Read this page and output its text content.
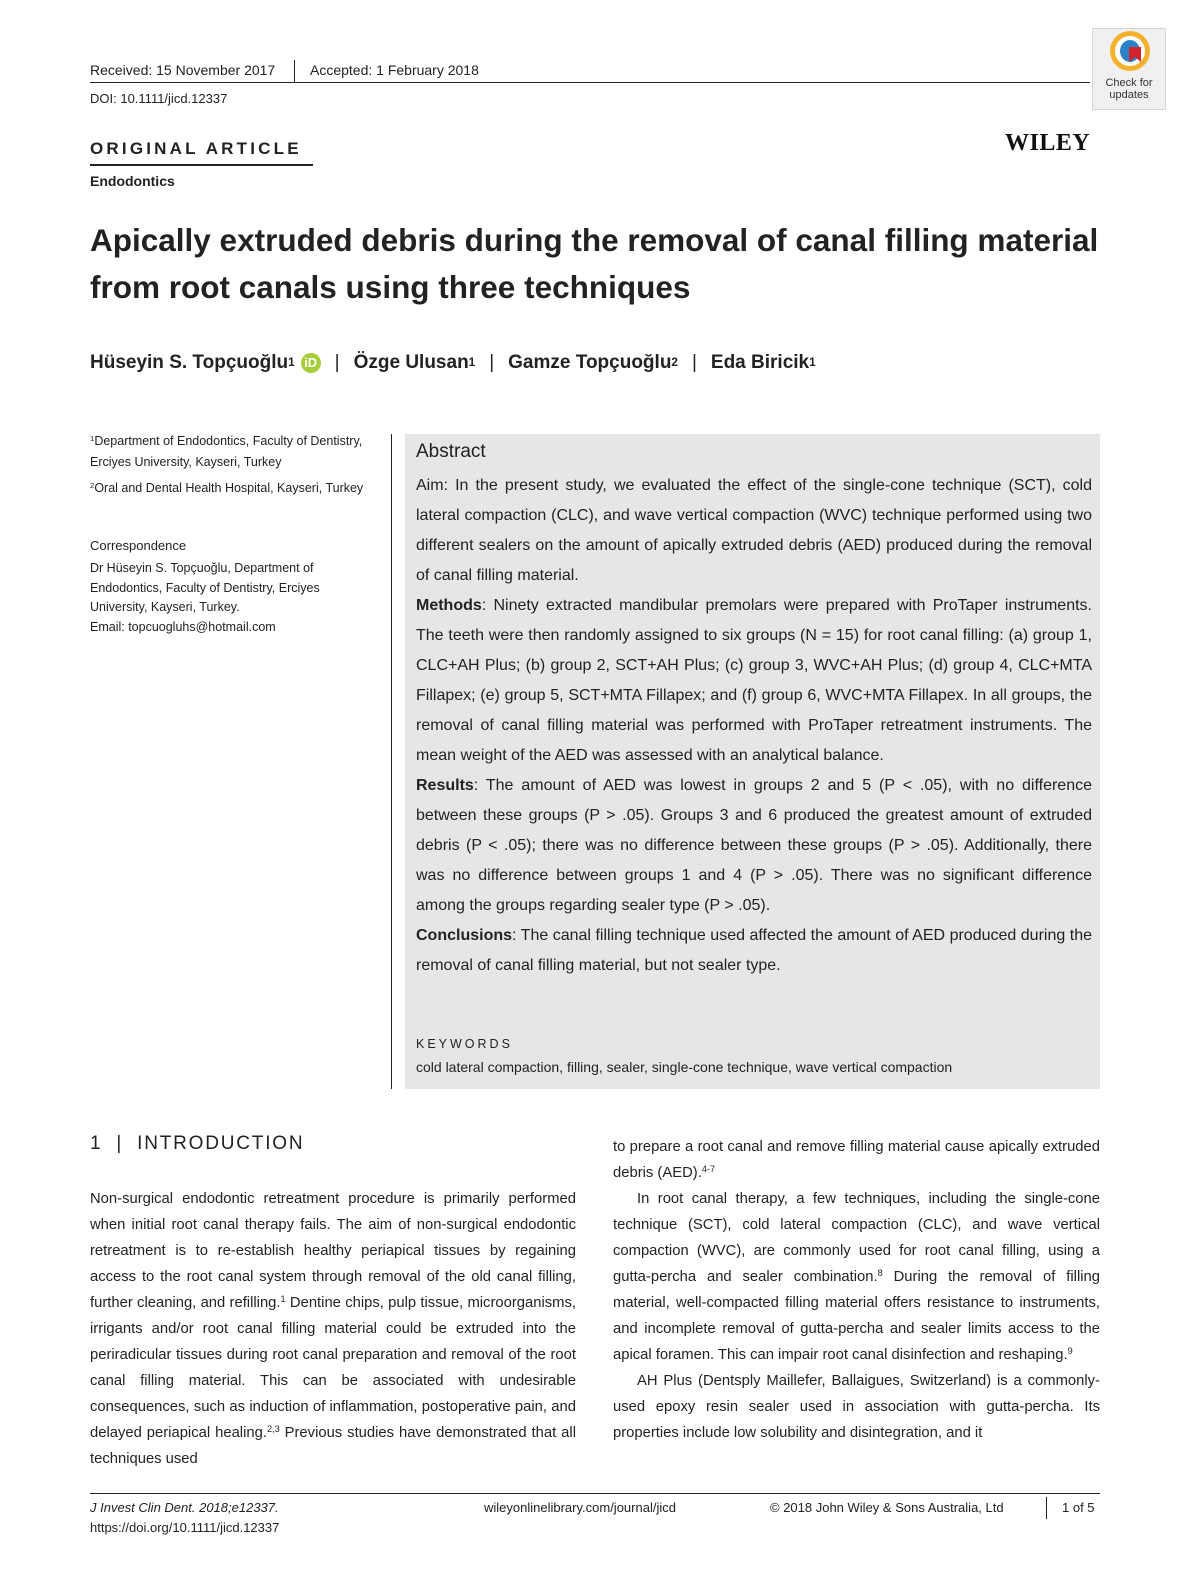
Received: 15 November 2017 Accepted: 1 February 2018
DOI: 10.1111/jicd.12337
Check for updates
WILEY
ORIGINAL ARTICLE
Endodontics
Apically extruded debris during the removal of canal filling material from root canals using three techniques
Hüseyin S. Topçuoğlu 1 iD | Özge Ulusan 1 | Gamze Topçuoğlu 2 | Eda Biricik 1
$^1$Department of Endodontics, Faculty of Dentistry, Erciyes University, Kayseri, Turkey
$^2$Oral and Dental Health Hospital, Kayseri, Turkey
Correspondence
Dr Hüseyin S. Topçuoğlu, Department of Endodontics, Faculty of Dentistry, Erciyes University, Kayseri, Turkey.
Email: topcuogluhs@hotmail.com
Abstract

Aim: In the present study, we evaluated the effect of the single-cone technique (SCT), cold lateral compaction (CLC), and wave vertical compaction (WVC) technique performed using two different sealers on the amount of apically extruded debris (AED) produced during the removal of canal filling material.

Methods: Ninety extracted mandibular premolars were prepared with ProTaper instruments. The teeth were then randomly assigned to six groups (N = 15) for root canal filling: (a) group 1, CLC+AH Plus; (b) group 2, SCT+AH Plus; (c) group 3, WVC+AH Plus; (d) group 4, CLC+MTA Fillapex; (e) group 5, SCT+MTA Fillapex; and (f) group 6, WVC+MTA Fillapex. In all groups, the removal of canal filling material was performed with ProTaper retreatment instruments. The mean weight of the AED was assessed with an analytical balance.

Results: The amount of AED was lowest in groups 2 and 5 (P < .05), with no difference between these groups (P > .05). Groups 3 and 6 produced the greatest amount of extruded debris (P < .05); there was no difference between these groups (P > .05). Additionally, there was no difference between groups 1 and 4 (P > .05). There was no significant difference among the groups regarding sealer type (P > .05).

Conclusions: The canal filling technique used affected the amount of AED produced during the removal of canal filling material, but not sealer type.

KEYWORDS
cold lateral compaction, filling, sealer, single-cone technique, wave vertical compaction
1 | INTRODUCTION

Non-surgical endodontic retreatment procedure is primarily performed when initial root canal therapy fails. The aim of non-surgical endodontic retreatment is to re-establish healthy periapical tissues by regaining access to the root canal system through removal of the old canal filling, further cleaning, and refilling.$^1$ Dentine chips, pulp tissue, microorganisms, irrigants and/or root canal filling material could be extruded into the periradicular tissues during root canal preparation and removal of the root canal filling material. This can be associated with undesirable consequences, such as induction of inflammation, postoperative pain, and delayed periapical healing.$^{2,3}$ Previous studies have demonstrated that all techniques used

to prepare a root canal and remove filling material cause apically extruded debris (AED).$^{4-7}$

In root canal therapy, a few techniques, including the single-cone technique (SCT), cold lateral compaction (CLC), and wave vertical compaction (WVC), are commonly used for root canal filling, using a gutta-percha and sealer combination.$^8$ During the removal of filling material, well-compacted filling material offers resistance to instruments, and incomplete removal of gutta-percha and sealer limits access to the apical foramen. This can impair root canal disinfection and reshaping.$^9$

AH Plus (Dentsply Maillefer, Ballaigues, Switzerland) is a commonly-used epoxy resin sealer used in association with gutta-percha. Its properties include low solubility and disintegration, and it

J Invest Clin Dent. 2018;e12337.
https://doi.org/10.1111/jicd.12337
wileyonlinelibrary.com/journal/jicd	© 2018 John Wiley & Sons Australia, Ltd	1 of 5
